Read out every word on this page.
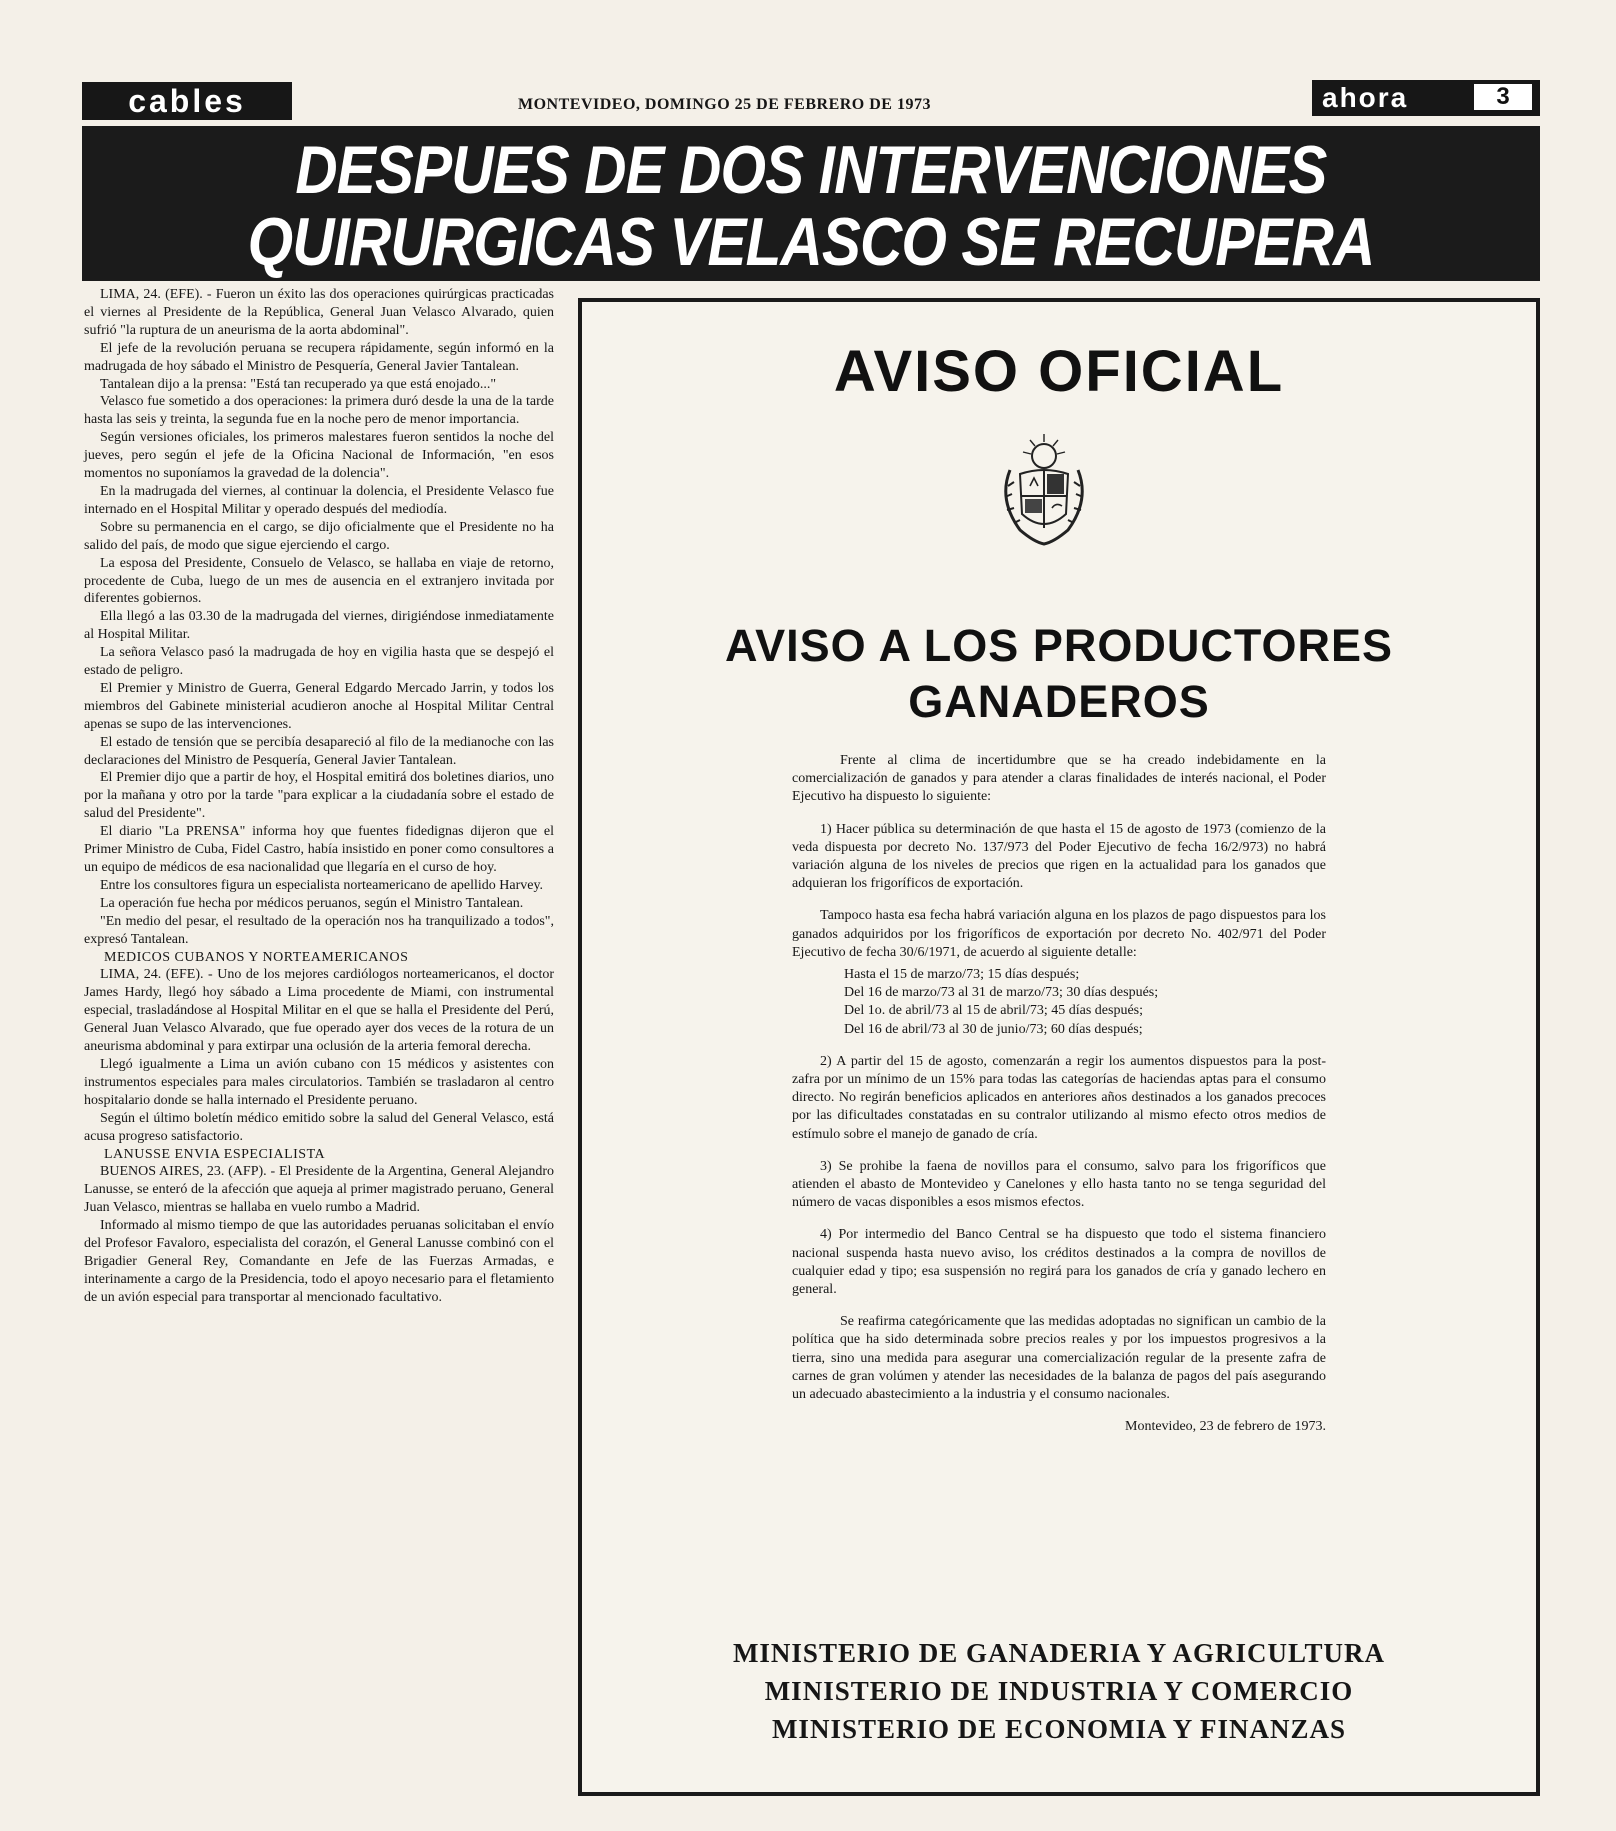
cables	MONTEVIDEO, DOMINGO 25 DE FEBRERO DE 1973	ahora	3
DESPUES DE DOS INTERVENCIONES
QUIRURGICAS VELASCO SE RECUPERA

LIMA, 24. (EFE). - Fueron un éxito las dos operaciones quirúrgicas practicadas el viernes al Presidente de la República, General Juan Velasco Alvarado, quien sufrió "la ruptura de un aneurisma de la aorta abdominal".

El jefe de la revolución peruana se recupera rápidamente, según informó en la madrugada de hoy sábado el Ministro de Pesquería, General Javier Tantalean.

Tantalean dijo a la prensa: "Está tan recuperado ya que está enojado..."

Velasco fue sometido a dos operaciones: la primera duró desde la una de la tarde hasta las seis y treinta, la segunda fue en la noche pero de menor importancia.

Según versiones oficiales, los primeros malestares fueron sentidos la noche del jueves, pero según el jefe de la Oficina Nacional de Información, "en esos momentos no suponíamos la gravedad de la dolencia".

En la madrugada del viernes, al continuar la dolencia, el Presidente Velasco fue internado en el Hospital Militar y operado después del mediodía.

Sobre su permanencia en el cargo, se dijo oficialmente que el Presidente no ha salido del país, de modo que sigue ejerciendo el cargo.

La esposa del Presidente, Consuelo de Velasco, se hallaba en viaje de retorno, procedente de Cuba, luego de un mes de ausencia en el extranjero invitada por diferentes gobiernos.

Ella llegó a las 03.30 de la madrugada del viernes, dirigiéndose inmediatamente al Hospital Militar.

La señora Velasco pasó la madrugada de hoy en vigilia hasta que se despejó el estado de peligro.

El Premier y Ministro de Guerra, General Edgardo Mercado Jarrin, y todos los miembros del Gabinete ministerial acudieron anoche al Hospital Militar Central apenas se supo de las intervenciones.

El estado de tensión que se percibía desapareció al filo de la medianoche con las declaraciones del Ministro de Pesquería, General Javier Tantalean.

El Premier dijo que a partir de hoy, el Hospital emitirá dos boletines diarios, uno por la mañana y otro por la tarde "para explicar a la ciudadanía sobre el estado de salud del Presidente".

El diario "La PRENSA" informa hoy que fuentes fidedignas dijeron que el Primer Ministro de Cuba, Fidel Castro, había insistido en poner como consultores a un equipo de médicos de esa nacionalidad que llegaría en el curso de hoy.

Entre los consultores figura un especialista norteamericano de apellido Harvey.

La operación fue hecha por médicos peruanos, según el Ministro Tantalean.

"En medio del pesar, el resultado de la operación nos ha tranquilizado a todos", expresó Tantalean.

MEDICOS CUBANOS Y NORTEAMERICANOS

LIMA, 24. (EFE). - Uno de los mejores cardiólogos norteamericanos, el doctor James Hardy, llegó hoy sábado a Lima procedente de Miami, con instrumental especial, trasladándose al Hospital Militar en el que se halla el Presidente del Perú, General Juan Velasco Alvarado, que fue operado ayer dos veces de la rotura de un aneurisma abdominal y para extirpar una oclusión de la arteria femoral derecha.

Llegó igualmente a Lima un avión cubano con 15 médicos y asistentes con instrumentos especiales para males circulatorios. También se trasladaron al centro hospitalario donde se halla internado el Presidente peruano.

Según el último boletín médico emitido sobre la salud del General Velasco, está acusa progreso satisfactorio.

LANUSSE ENVIA ESPECIALISTA

BUENOS AIRES, 23. (AFP). - El Presidente de la Argentina, General Alejandro Lanusse, se enteró de la afección que aqueja al primer magistrado peruano, General Juan Velasco, mientras se hallaba en vuelo rumbo a Madrid.

Informado al mismo tiempo de que las autoridades peruanas solicitaban el envío del Profesor Favaloro, especialista del corazón, el General Lanusse combinó con el Brigadier General Rey, Comandante en Jefe de las Fuerzas Armadas, e interinamente a cargo de la Presidencia, todo el apoyo necesario para el fletamiento de un avión especial para transportar al mencionado facultativo.

AVISO OFICIAL
AVISO A LOS PRODUCTORES
GANADEROS

Frente al clima de incertidumbre que se ha creado indebidamente en la comercialización de ganados y para atender a claras finalidades de interés nacional, el Poder Ejecutivo ha dispuesto lo siguiente:

1) Hacer pública su determinación de que hasta el 15 de agosto de 1973 (comienzo de la veda dispuesta por decreto No. 137/973 del Poder Ejecutivo de fecha 16/2/973) no habrá variación alguna de los niveles de precios que rigen en la actualidad para los ganados que adquieran los frigoríficos de exportación.

Tampoco hasta esa fecha habrá variación alguna en los plazos de pago dispuestos para los ganados adquiridos por los frigoríficos de exportación por decreto No. 402/971 del Poder Ejecutivo de fecha 30/6/1971, de acuerdo al siguiente detalle:

Hasta el 15 de marzo/73; 15 días después;
Del 16 de marzo/73 al 31 de marzo/73; 30 días después;
Del 1o. de abril/73 al 15 de abril/73; 45 días después;
Del 16 de abril/73 al 30 de junio/73; 60 días después;

2) A partir del 15 de agosto, comenzarán a regir los aumentos dispuestos para la post-zafra por un mínimo de un 15% para todas las categorías de haciendas aptas para el consumo directo. No regirán beneficios aplicados en anteriores años destinados a los ganados precoces por las dificultades constatadas en su contralor utilizando al mismo efecto otros medios de estímulo sobre el manejo de ganado de cría.

3) Se prohibe la faena de novillos para el consumo, salvo para los frigoríficos que atienden el abasto de Montevideo y Canelones y ello hasta tanto no se tenga seguridad del número de vacas disponibles a esos mismos efectos.

4) Por intermedio del Banco Central se ha dispuesto que todo el sistema financiero nacional suspenda hasta nuevo aviso, los créditos destinados a la compra de novillos de cualquier edad y tipo; esa suspensión no regirá para los ganados de cría y ganado lechero en general.

Se reafirma categóricamente que las medidas adoptadas no significan un cambio de la política que ha sido determinada sobre precios reales y por los impuestos progresivos a la tierra, sino una medida para asegurar una comercialización regular de la presente zafra de carnes de gran volúmen y atender las necesidades de la balanza de pagos del país asegurando un adecuado abastecimiento a la industria y el consumo nacionales.

Montevideo, 23 de febrero de 1973.

MINISTERIO DE GANADERIA Y AGRICULTURA
MINISTERIO DE INDUSTRIA Y COMERCIO
MINISTERIO DE ECONOMIA Y FINANZAS
